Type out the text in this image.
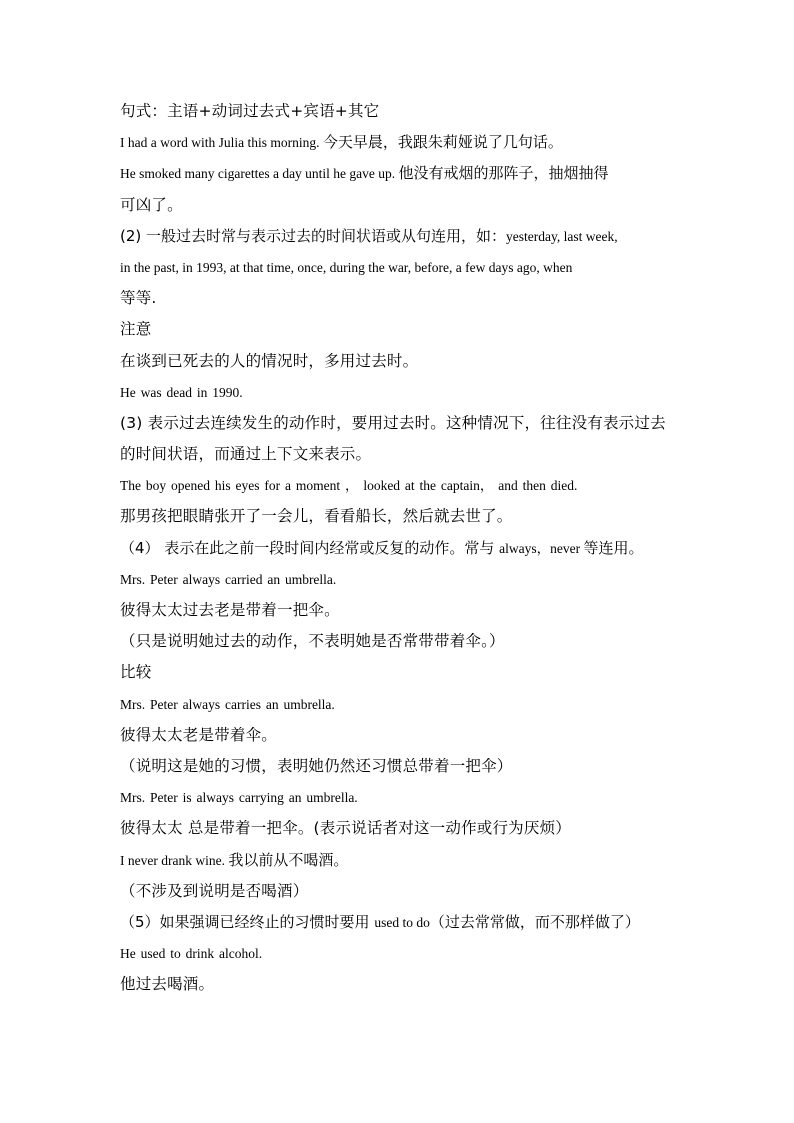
句式：主语+动词过去式+宾语+其它
I had a word with Julia this morning. 今天早晨，我跟朱莉娅说了几句话。
He smoked many cigarettes a day until he gave up. 他没有戒烟的那阵子，抽烟抽得
可凶了。
(2) 一般过去时常与表示过去的时间状语或从句连用，如：yesterday, last week,
in the past, in 1993, at that time, once, during the war, before, a few days ago, when
等等.
注意
在谈到已死去的人的情况时，多用过去时。
He was dead in 1990.
(3) 表示过去连续发生的动作时，要用过去时。这种情况下，往往没有表示过去
的时间状语，而通过上下文来表示。
The boy opened his eyes for a moment ， looked at the captain， and then died.
那男孩把眼睛张开了一会儿，看看船长，然后就去世了。
（4） 表示在此之前一段时间内经常或反复的动作。常与 always，never 等连用。
Mrs. Peter always carried an umbrella.
彼得太太过去老是带着一把伞。
（只是说明她过去的动作，不表明她是否常带带着伞。）
比较
Mrs. Peter always carries an umbrella.
彼得太太老是带着伞。
（说明这是她的习惯，表明她仍然还习惯总带着一把伞）
Mrs. Peter is always carrying an umbrella.
彼得太太 总是带着一把伞。(表示说话者对这一动作或行为厌烦）
I never drank wine. 我以前从不喝酒。
（不涉及到说明是否喝酒）
（5）如果强调已经终止的习惯时要用 used to do（过去常常做，而不那样做了）
He used to drink alcohol.
他过去喝酒。
